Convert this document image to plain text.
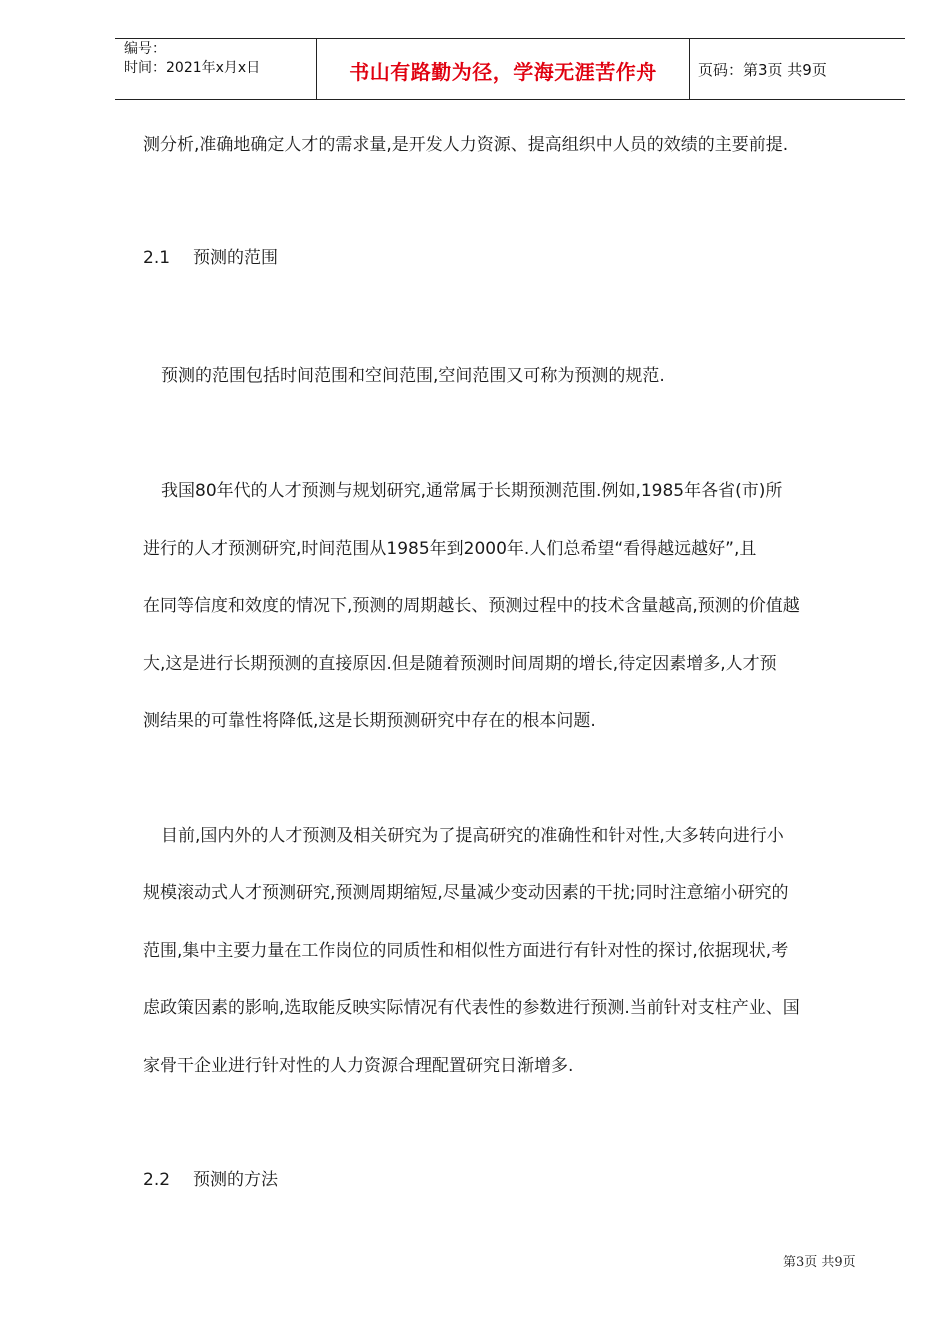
编号：
时间：2021年x月x日	书山有路勤为径，学海无涯苦作舟	页码：第3页 共9页
测分析,准确地确定人才的需求量,是开发人力资源、提高组织中人员的效绩的主要前提.
2.1 预测的范围
预测的范围包括时间范围和空间范围,空间范围又可称为预测的规范.
我国80年代的人才预测与规划研究,通常属于长期预测范围.例如,1985年各省(市)所
进行的人才预测研究,时间范围从1985年到2000年.人们总希望“看得越远越好”,且
在同等信度和效度的情况下,预测的周期越长、预测过程中的技术含量越高,预测的价值越
大,这是进行长期预测的直接原因.但是随着预测时间周期的增长,待定因素增多,人才预
测结果的可靠性将降低,这是长期预测研究中存在的根本问题.
目前,国内外的人才预测及相关研究为了提高研究的准确性和针对性,大多转向进行小
规模滚动式人才预测研究,预测周期缩短,尽量减少变动因素的干扰;同时注意缩小研究的
范围,集中主要力量在工作岗位的同质性和相似性方面进行有针对性的探讨,依据现状,考
虑政策因素的影响,选取能反映实际情况有代表性的参数进行预测.当前针对支柱产业、国
家骨干企业进行针对性的人力资源合理配置研究日渐增多.
2.2 预测的方法
第3页 共9页
